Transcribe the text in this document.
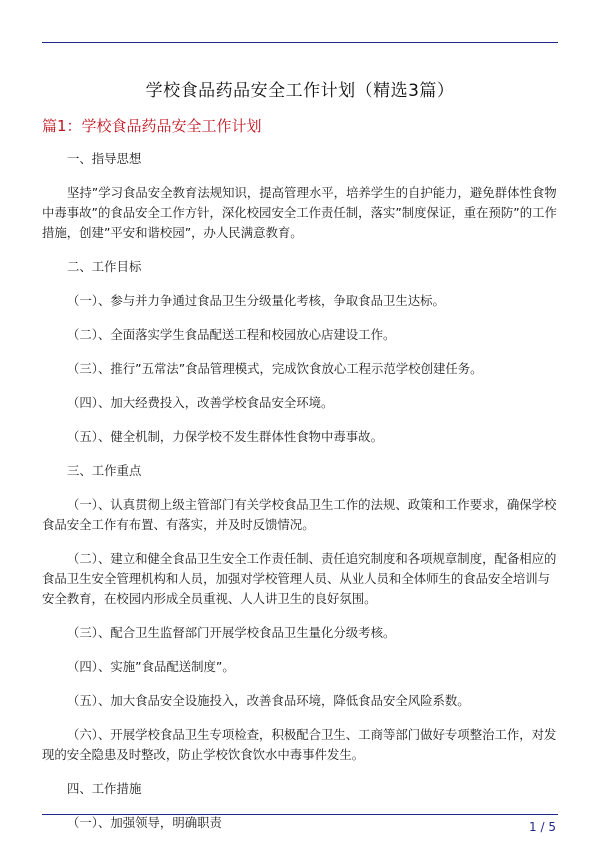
学校食品药品安全工作计划（精选3篇）
篇1：学校食品药品安全工作计划

一、指导思想

坚持”学习食品安全教育法规知识，提高管理水平，培养学生的自护能力，避免群体性食物中毒事故”的食品安全工作方针，深化校园安全工作责任制，落实”制度保证，重在预防”的工作措施，创建”平安和谐校园”，办人民满意教育。

二、工作目标

（一）、参与并力争通过食品卫生分级量化考核，争取食品卫生达标。

（二）、全面落实学生食品配送工程和校园放心店建设工作。

（三）、推行”五常法”食品管理模式，完成饮食放心工程示范学校创建任务。

（四）、加大经费投入，改善学校食品安全环境。

（五）、健全机制，力保学校不发生群体性食物中毒事故。

三、工作重点

（一）、认真贯彻上级主管部门有关学校食品卫生工作的法规、政策和工作要求，确保学校食品安全工作有布置、有落实，并及时反馈情况。

（二）、建立和健全食品卫生安全工作责任制、责任追究制度和各项规章制度，配备相应的食品卫生安全管理机构和人员，加强对学校管理人员、从业人员和全体师生的食品安全培训与安全教育，在校园内形成全员重视、人人讲卫生的良好氛围。

（三）、配合卫生监督部门开展学校食品卫生量化分级考核。

（四）、实施”食品配送制度”。

（五）、加大食品安全设施投入，改善食品环境，降低食品安全风险系数。

（六）、开展学校食品卫生专项检查，积极配合卫生、工商等部门做好专项整治工作，对发现的安全隐患及时整改，防止学校饮食饮水中毒事件发生。

四、工作措施

（一）、加强领导，明确职责	1 / 5
